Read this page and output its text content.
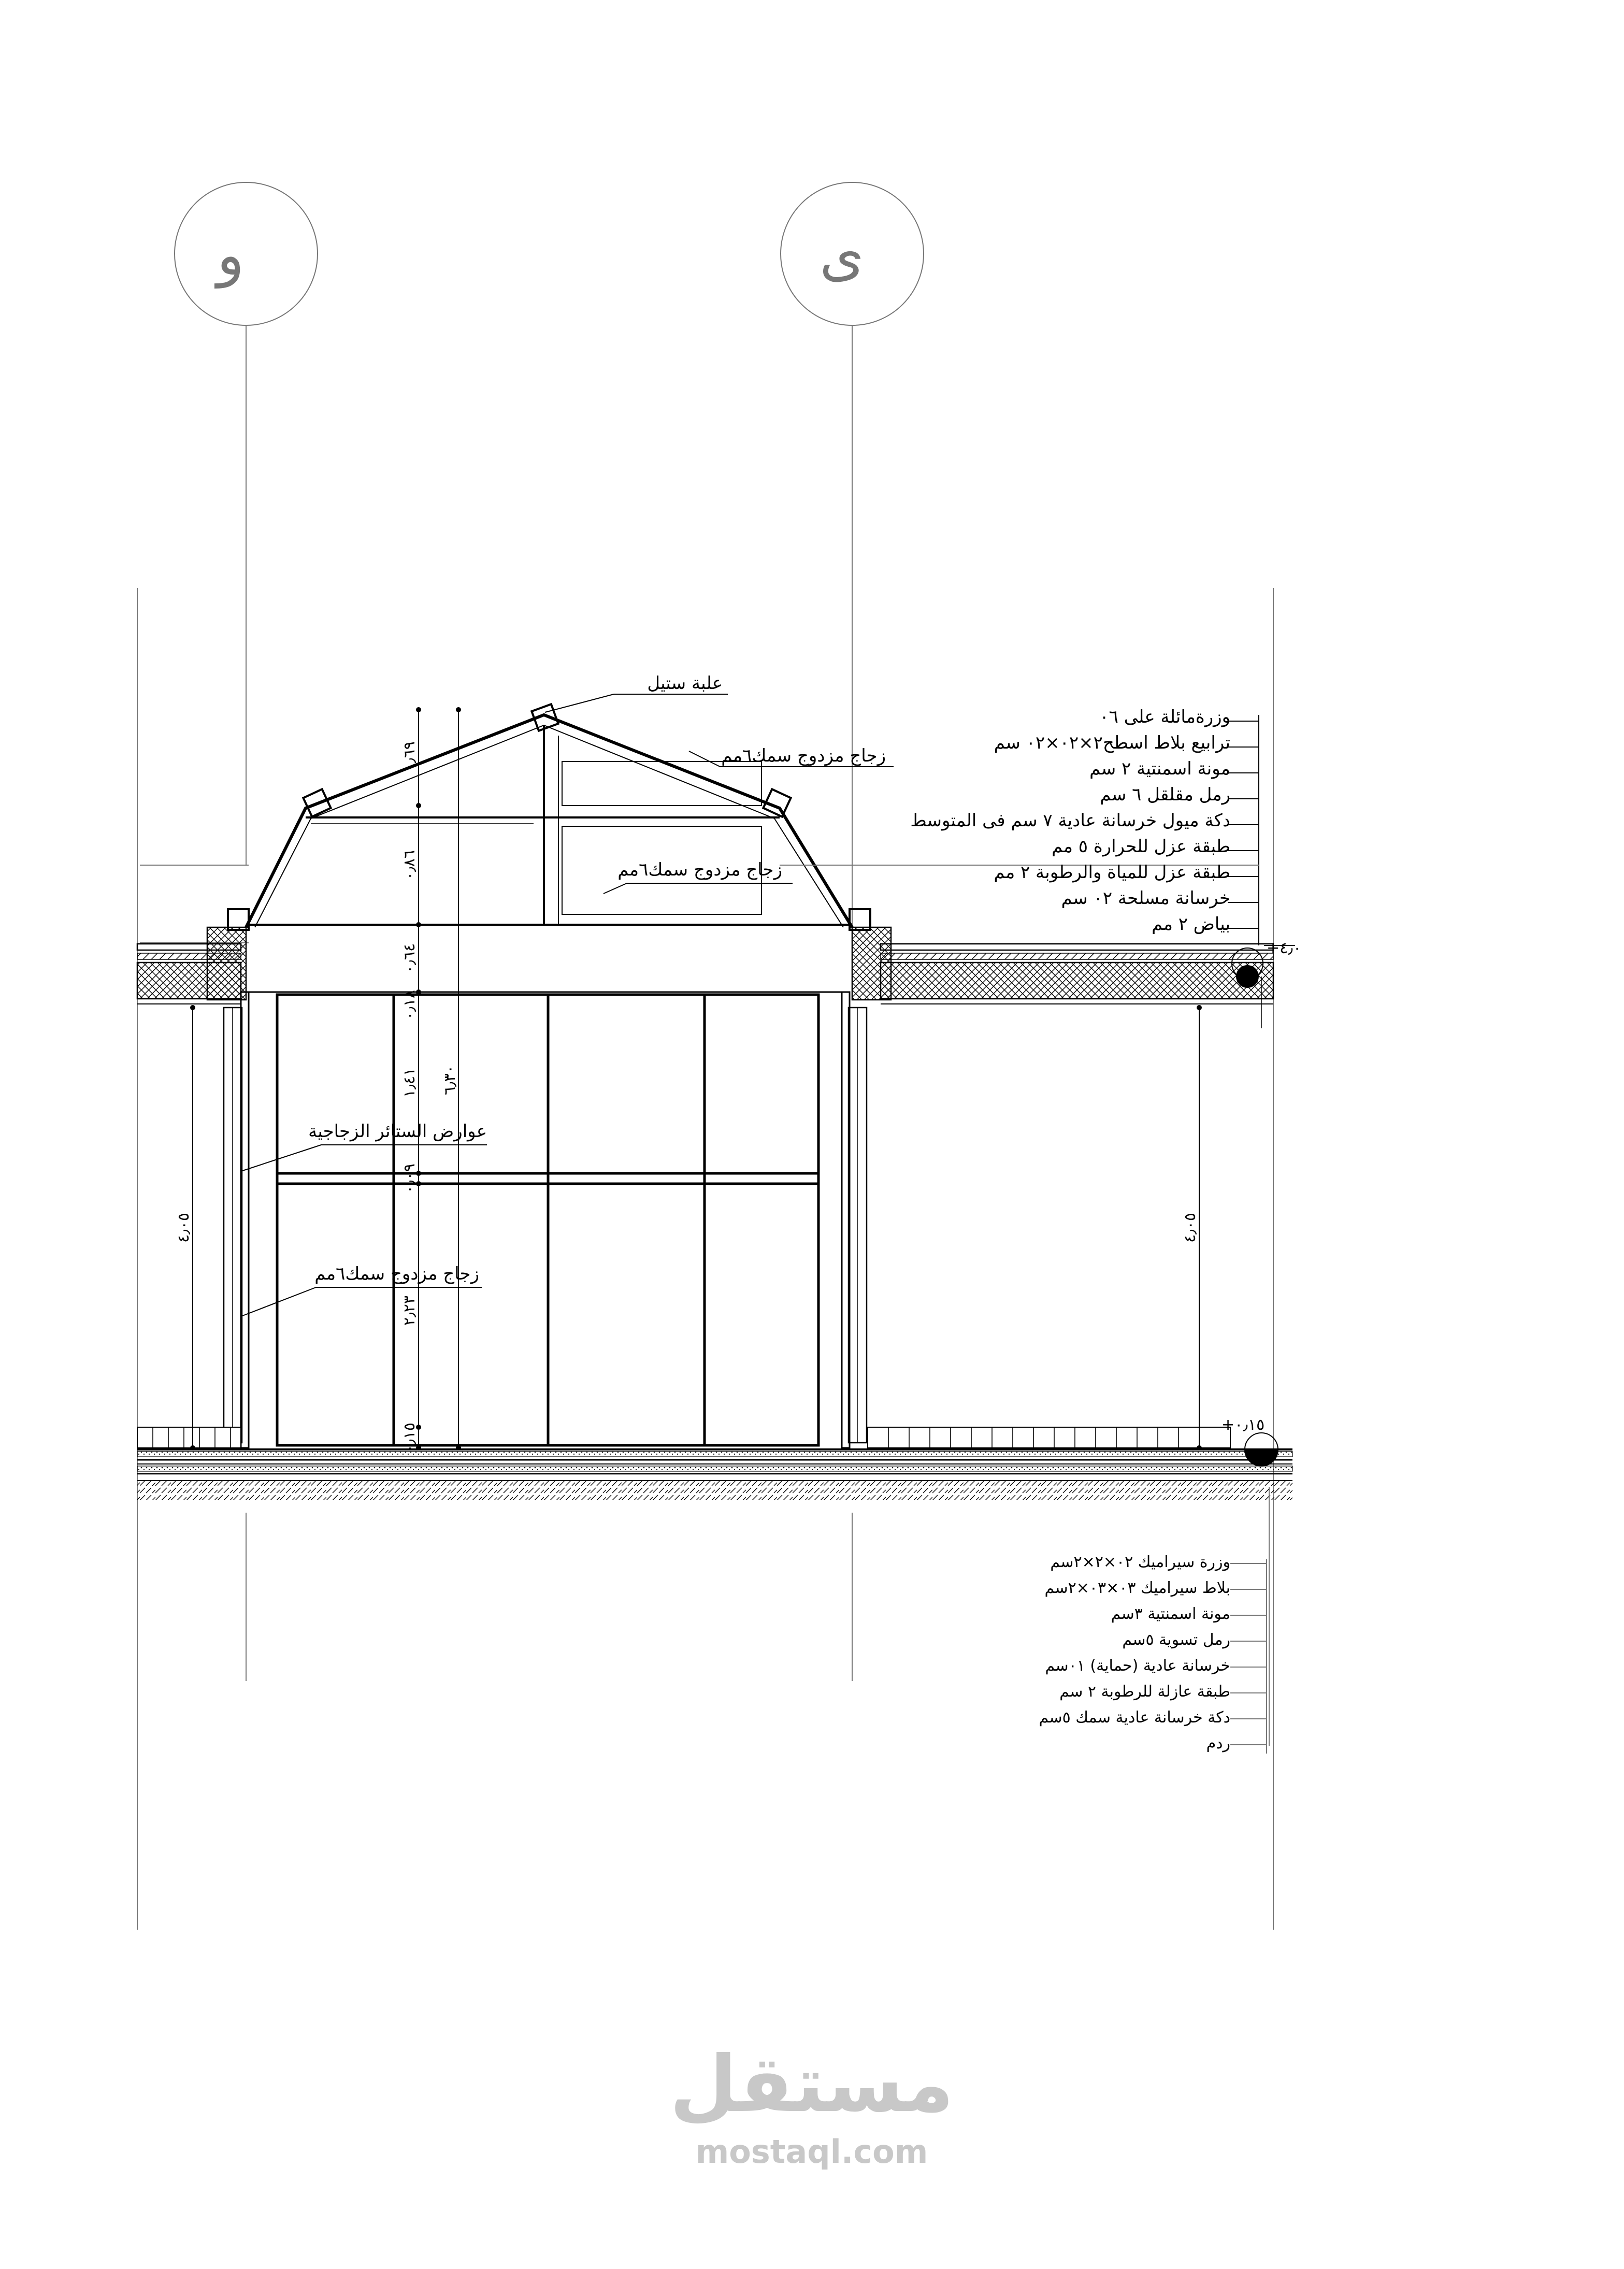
و	ى
٠٫٦٩
٠٫٨٦
٠٫٦٤
٠٫١٨
١٫٤١
٠٫٠٩
٢٫٢٣
٠٫١٥
٦٫٣٠
٤٫٠٥	٤٫٠٥
علبة ستيل
زجاج مزدوج سمك٦مم
زجاج مزدوج سمك٦مم
وزرةمائلة على ٦٠
ترابيع بلاط اسطح٢×٢٠×٢٠ سم
مونة اسمنتية ٢ سم
رمل مقلقل ٦ سم
دكة ميول خرسانة عادية ٧ سم فى المتوسط
طبقة عزل للحرارة ٥ مم
طبقة عزل للمياة والرطوبة ٢ مم
خرسانة مسلحة ٢٠ سم
بياض ٢ مم
+٤٫٠
+٠٫١٥
عوارض الستائر الزجاجية
زجاج مزدوج سمك٦مم
وزرة سيراميك ٢٠×٢×٢سم
بلاط سيراميك ٣٠×٣٠×٢سم
مونة اسمنتية ٣سم
رمل تسوية ٥سم
خرسانة عادية (حماية) ١٠سم
طبقة عازلة للرطوبة ٢ سم
دكة خرسانة عادية سمك ٥سم
ردم
مستقل
mostaql.com
